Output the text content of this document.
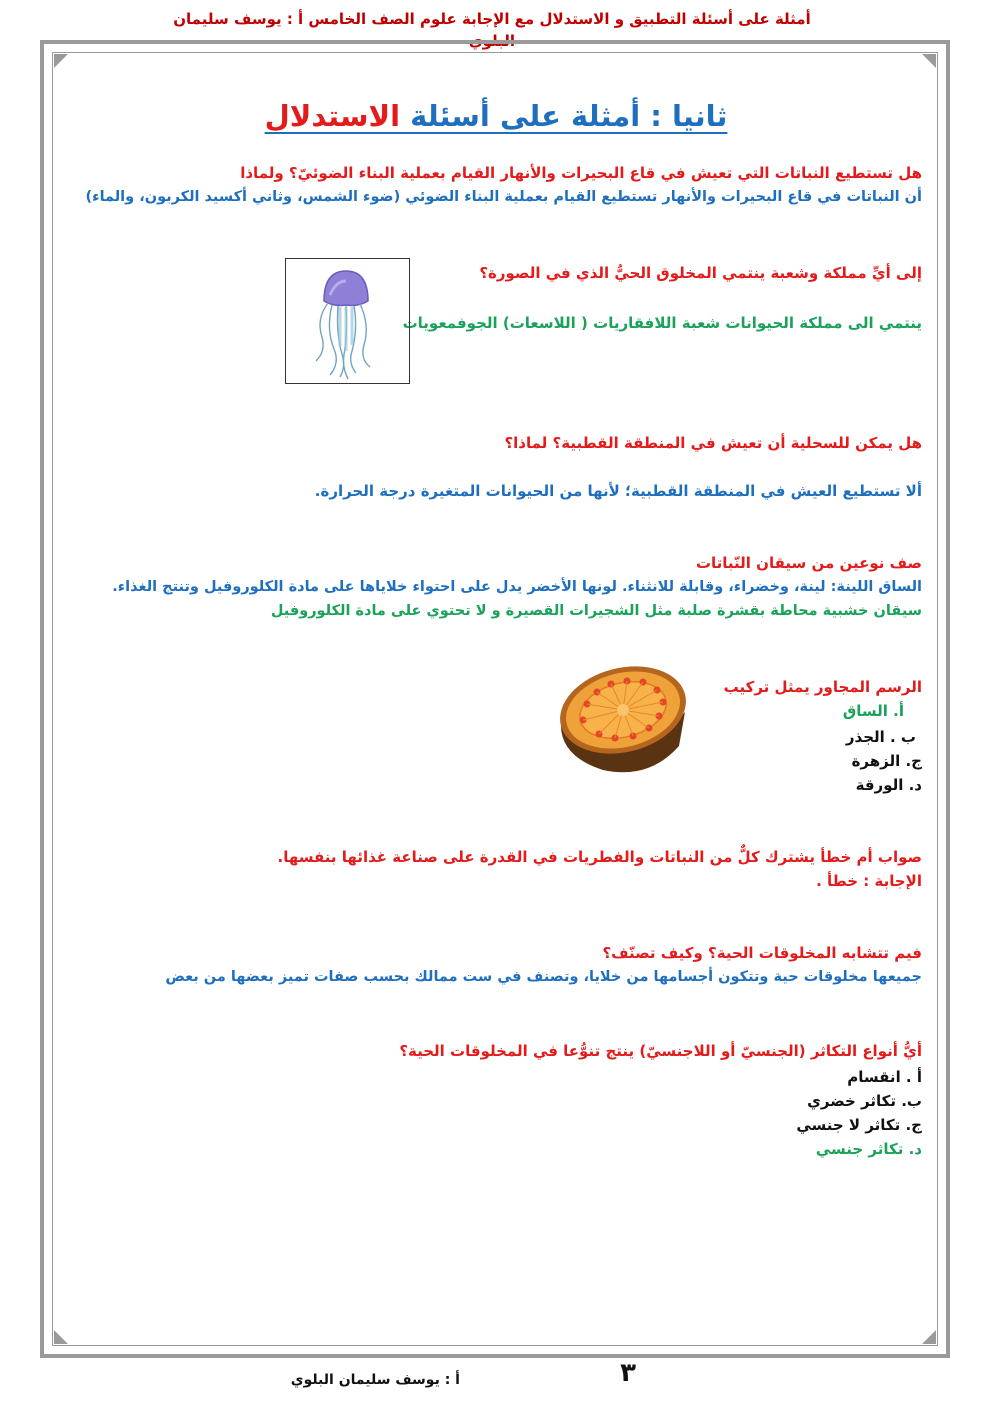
أمثلة على أسئلة التطبيق و الاستدلال مع الإجابة علوم الصف الخامس أ : يوسف سليمان البلوي
ثانيا : أمثلة على أسئلة الاستدلال
هل تستطيع النباتات التي تعيش في قاع البحيرات والأنهار القيام بعملية البناء الضوئيّ؟ ولماذا
أن النباتات في قاع البحيرات والأنهار تستطيع القيام بعملية البناء الضوئي (ضوء الشمس، وثاني أكسيد الكربون، والماء)
إلى أيِّ مملكة وشعبة ينتمي المخلوق الحيُّ الذي في الصورة؟
ينتمي الى مملكة الحيوانات شعبة اللافقاريات ( اللاسعات) الجوفمعويات
هل يمكن للسحلية أن تعيش في المنطقة القطبية؟ لماذا؟
ألا تستطيع العيش في المنطقة القطبية؛ لأنها من الحيوانات المتغيرة درجة الحرارة.
صف نوعين من سيقان النّباتات
الساق اللينة: لينة، وخضراء، وقابلة للانثناء. لونها الأخضر يدل على احتواء خلاياها على مادة الكلوروفيل وتنتج الغذاء.
سيقان خشبية محاطة بقشرة صلبة مثل الشجيرات القصيرة و لا تحتوي على مادة الكلوروفيل
الرسم المجاور يمثل تركيب
أ. الساق
ب . الجذر
ج. الزهرة
د. الورقة
صواب أم خطأ يشترك كلٌّ من النباتات والفطريات في القدرة على صناعة غذائها بنفسها.
الإجابة : خطأ .
فيم تتشابه المخلوقات الحية؟ وكيف تصنّف؟
جميعها مخلوقات حية وتتكون أجسامها من خلايا، وتصنف في ست ممالك بحسب صفات تميز بعضها من بعض
أيُّ أنواع التكاثر (الجنسيّ أو اللاجنسيّ) ينتج تنوُّعا في المخلوقات الحية؟
أ . انقسام
ب. تكاثر خضري
ج. تكاثر لا جنسي
د. تكاثر جنسي
٣
أ : يوسف سليمان البلوي
